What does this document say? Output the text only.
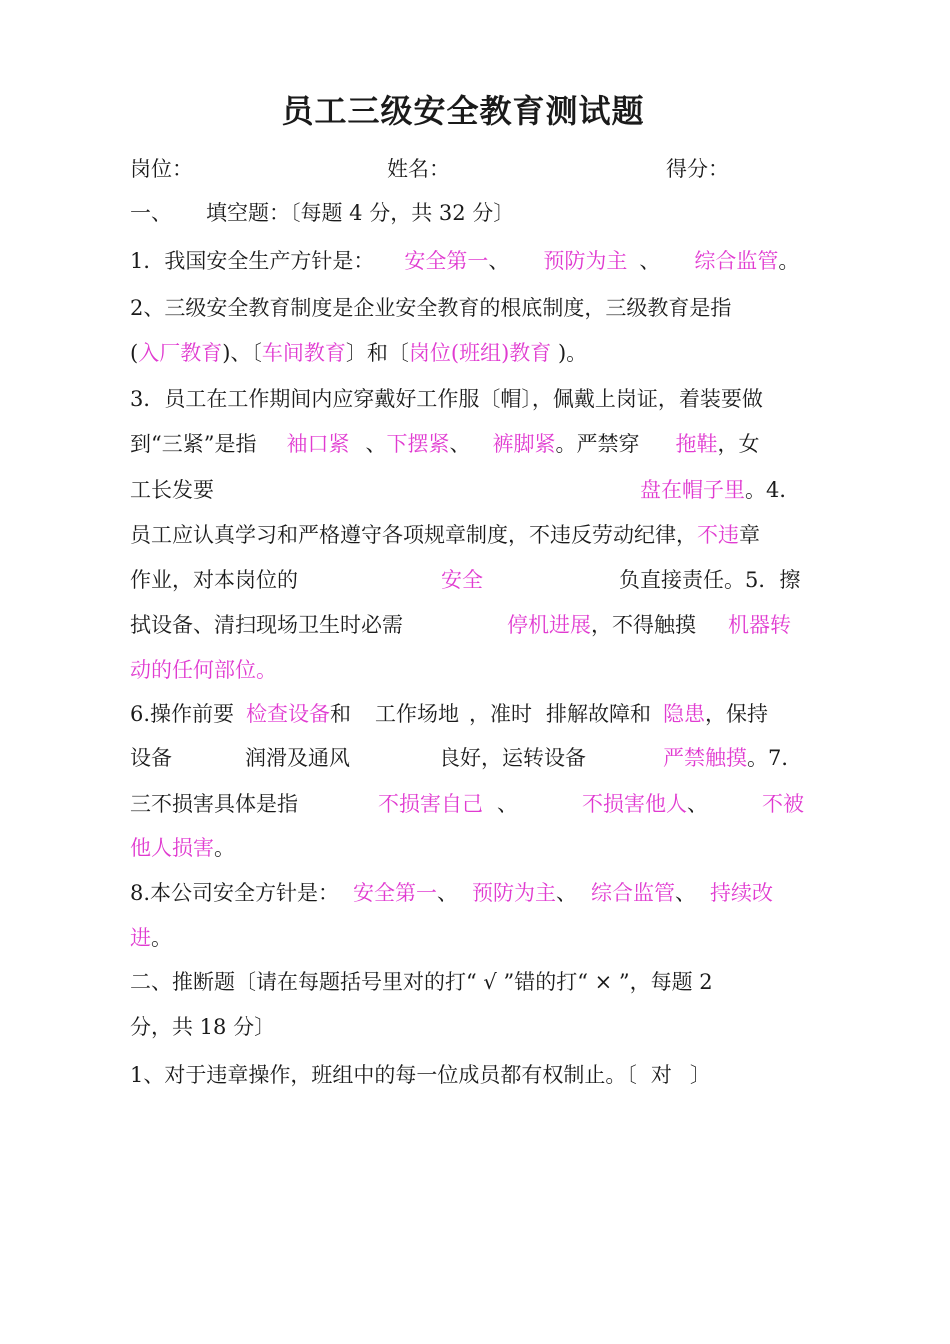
员工三级安全教育测试题
岗位：	姓名：	得分：
一、 填空题：〔每题 4 分，共 32 分〕
1．我国安全生产方针是： 安全第一、 预防为主 、 综合监管。
2、三级安全教育制度是企业安全教育的根底制度，三级教育是指
(入厂教育)、〔车间教育〕和〔岗位(班组)教育 )。
3．员工在工作期间内应穿戴好工作服〔帽〕，佩戴上岗证，着装要做
到“三紧”是指 袖口紧 、下摆紧、 裤脚紧。严禁穿 拖鞋，女
工长发要	盘在帽子里。4．
员工应认真学习和严格遵守各项规章制度，不违反劳动纪律，不违章
作业，对本岗位的	安全	负直接责任。5．擦
拭设备、清扫现场卫生时必需	停机进展，不得触摸 机器转
动的任何部位。
6.操作前要 检查设备和 工作场地 ，准时 排解故障和 隐患，保持
设备	润滑及通风	良好，运转设备	严禁触摸。7．
三不损害具体是指	不损害自己 、	不损害他人、	不被
他人损害。
8.本公司安全方针是： 安全第一、 预防为主、 综合监管、 持续改
进。
二、推断题〔请在每题括号里对的打“ √ ”错的打“ × ”，每题 2
分，共 18 分〕
1、对于违章操作，班组中的每一位成员都有权制止。〔 对 〕
